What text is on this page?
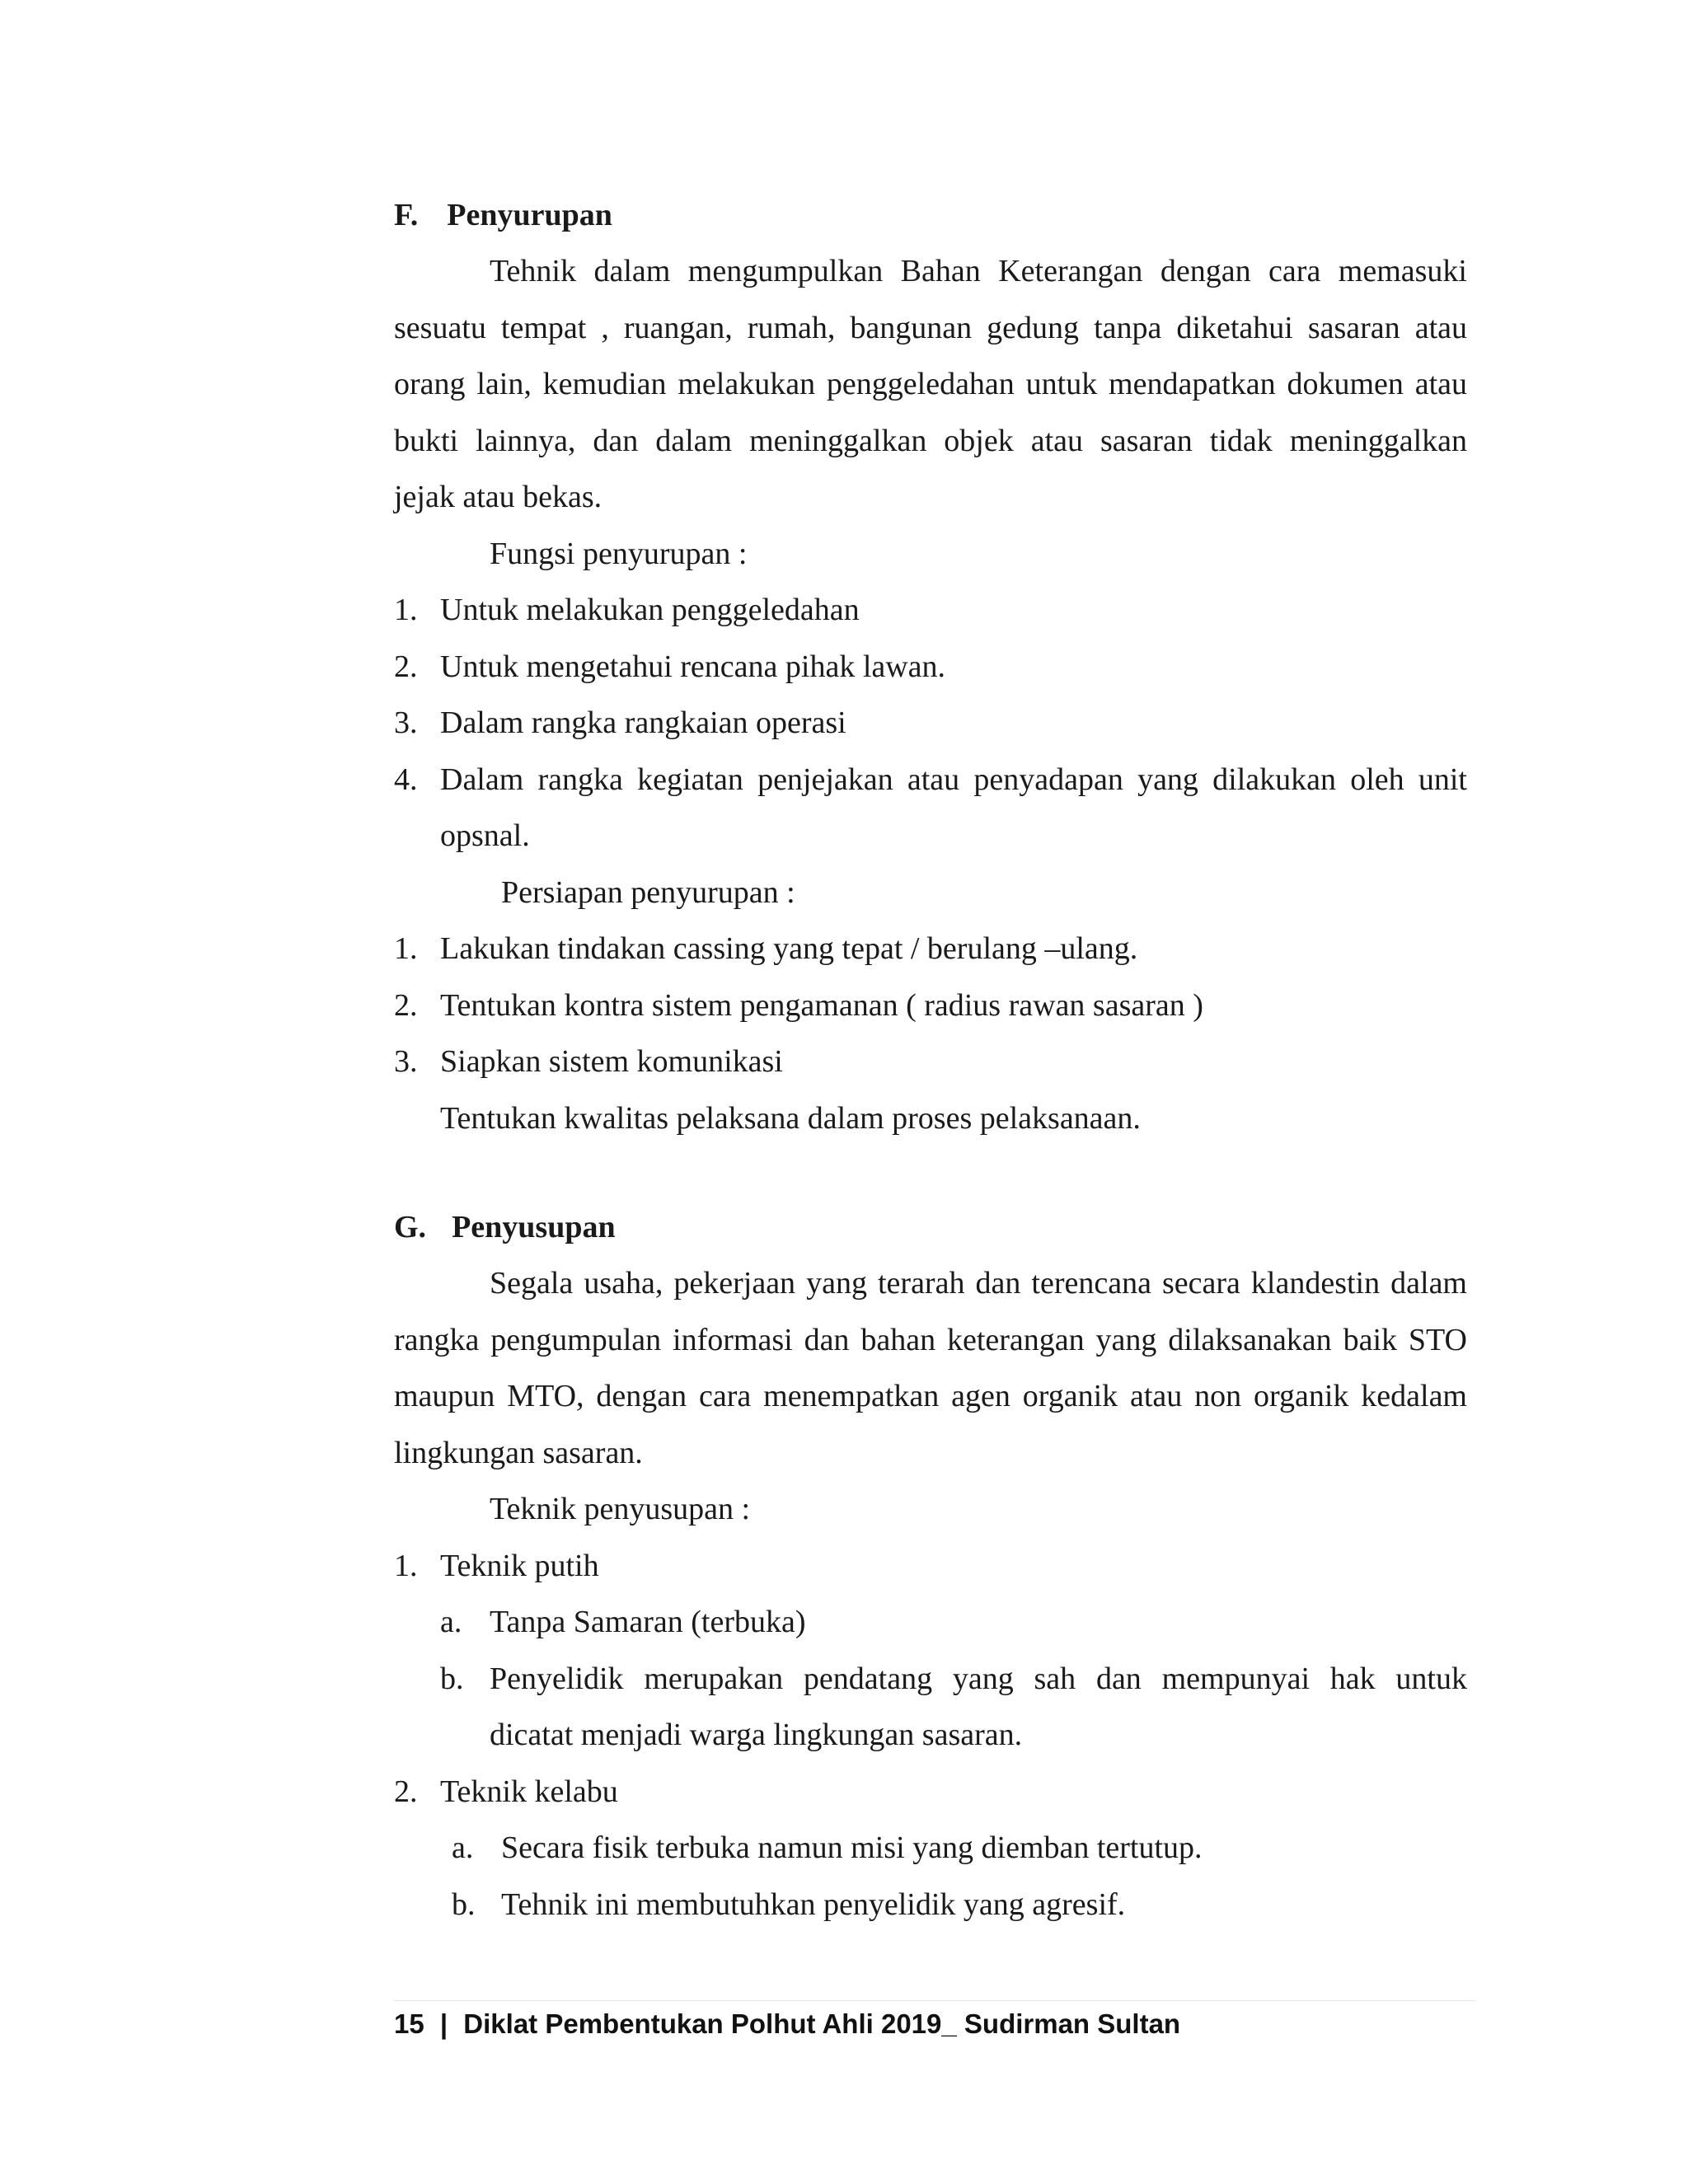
F. Penyurupan
Tehnik dalam mengumpulkan Bahan Keterangan dengan cara memasuki
sesuatu tempat , ruangan, rumah, bangunan gedung tanpa diketahui sasaran atau
orang lain, kemudian melakukan penggeledahan untuk mendapatkan dokumen atau
bukti lainnya, dan dalam meninggalkan objek atau sasaran tidak meninggalkan
jejak atau bekas.
Fungsi penyurupan :
1. Untuk melakukan penggeledahan
2. Untuk mengetahui rencana pihak lawan.
3. Dalam rangka rangkaian operasi
4. Dalam rangka kegiatan penjejakan atau penyadapan yang dilakukan oleh unit
opsnal.
Persiapan penyurupan :
1. Lakukan tindakan cassing yang tepat / berulang –ulang.
2. Tentukan kontra sistem pengamanan ( radius rawan sasaran )
3. Siapkan sistem komunikasi
Tentukan kwalitas pelaksana dalam proses pelaksanaan.
G. Penyusupan
Segala usaha, pekerjaan yang terarah dan terencana secara klandestin dalam
rangka pengumpulan informasi dan bahan keterangan yang dilaksanakan baik STO
maupun MTO, dengan cara menempatkan agen organik atau non organik kedalam
lingkungan sasaran.
Teknik penyusupan :
1. Teknik putih
a. Tanpa Samaran (terbuka)
b. Penyelidik merupakan pendatang yang sah dan mempunyai hak untuk
dicatat menjadi warga lingkungan sasaran.
2. Teknik kelabu
a. Secara fisik terbuka namun misi yang diemban tertutup.
b. Tehnik ini membutuhkan penyelidik yang agresif.
15 | Diklat Pembentukan Polhut Ahli 2019_ Sudirman Sultan
